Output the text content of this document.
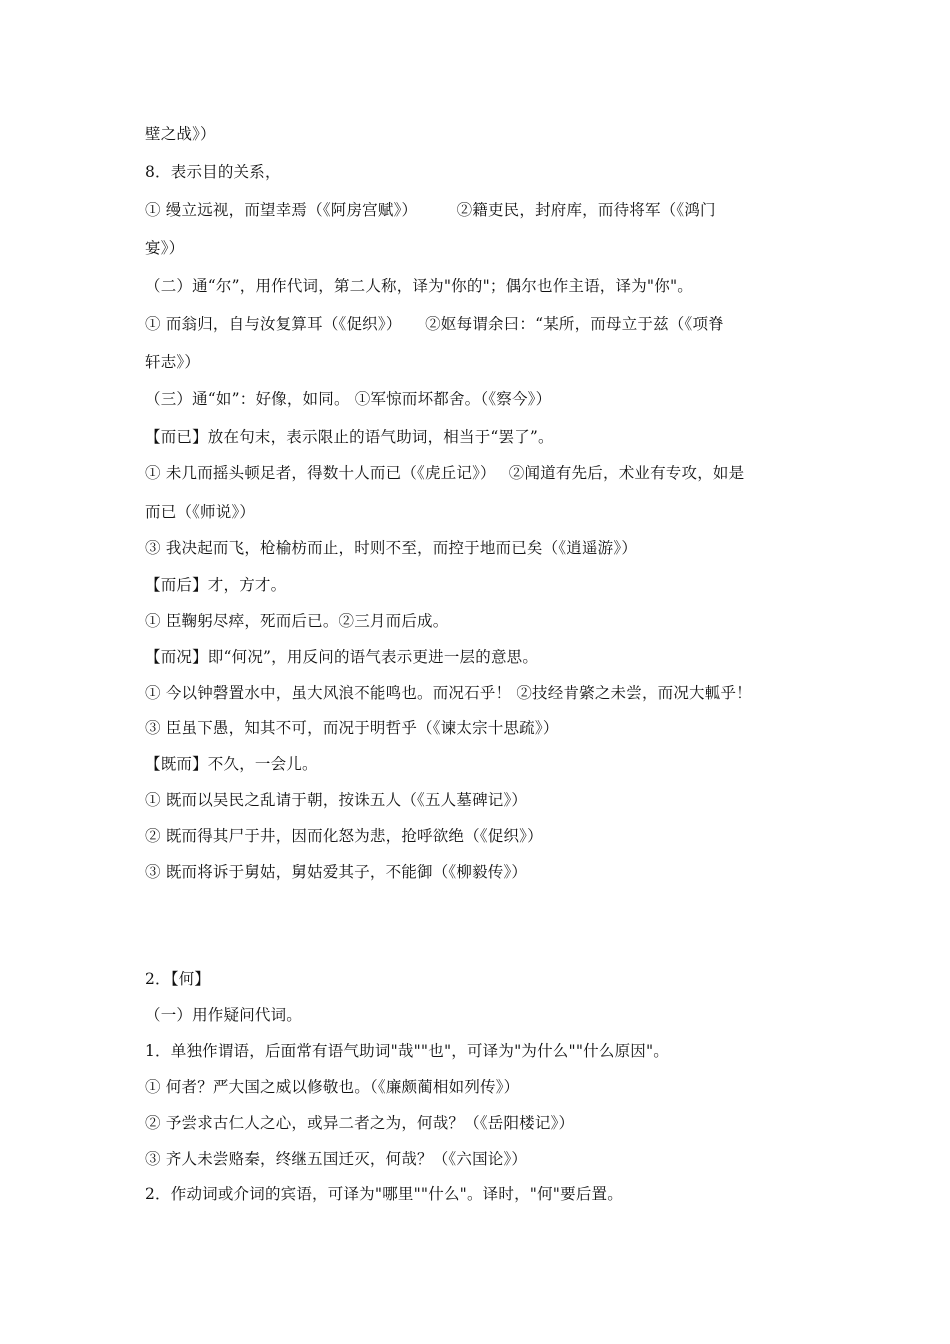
壁之战》）
8．表示目的关系，
① 缦立远视，而望幸焉（《阿房宫赋》）　　　②籍吏民，封府库，而待将军（《鸿门
宴》）
（二）通“尔”，用作代词，第二人称，译为"你的"；偶尔也作主语，译为"你"。
① 而翁归，自与汝复算耳（《促织》）　　②妪每谓余曰：“某所，而母立于兹（《项脊
轩志》）
（三）通“如”：好像，如同。 ①军惊而坏都舍。（《察今》）
【而已】放在句末，表示限止的语气助词，相当于“罢了”。
① 未几而摇头顿足者，得数十人而已（《虎丘记》）　 ②闻道有先后，术业有专攻，如是
而已（《师说》）
③ 我决起而飞，枪榆枋而止，时则不至，而控于地而已矣（《逍遥游》）
【而后】才，方才。
① 臣鞠躬尽瘁，死而后已。②三月而后成。
【而况】即“何况”，用反问的语气表示更进一层的意思。
① 今以钟磬置水中，虽大风浪不能鸣也。而况石乎！ ②技经肯綮之未尝，而况大軱乎！
③ 臣虽下愚，知其不可，而况于明哲乎（《谏太宗十思疏》）
【既而】不久，一会儿。
① 既而以吴民之乱请于朝，按诛五人（《五人墓碑记》）
② 既而得其尸于井，因而化怒为悲，抢呼欲绝（《促织》）
③ 既而将诉于舅姑，舅姑爱其子，不能御（《柳毅传》）
2．【何】
（一）用作疑问代词。
1．单独作谓语，后面常有语气助词"哉""也"，可译为"为什么""什么原因"。
① 何者？严大国之威以修敬也。（《廉颇蔺相如列传》）
② 予尝求古仁人之心，或异二者之为，何哉？（《岳阳楼记》）
③ 齐人未尝赂秦，终继五国迁灭，何哉？（《六国论》）
2．作动词或介词的宾语，可译为"哪里""什么"。译时，"何"要后置。
